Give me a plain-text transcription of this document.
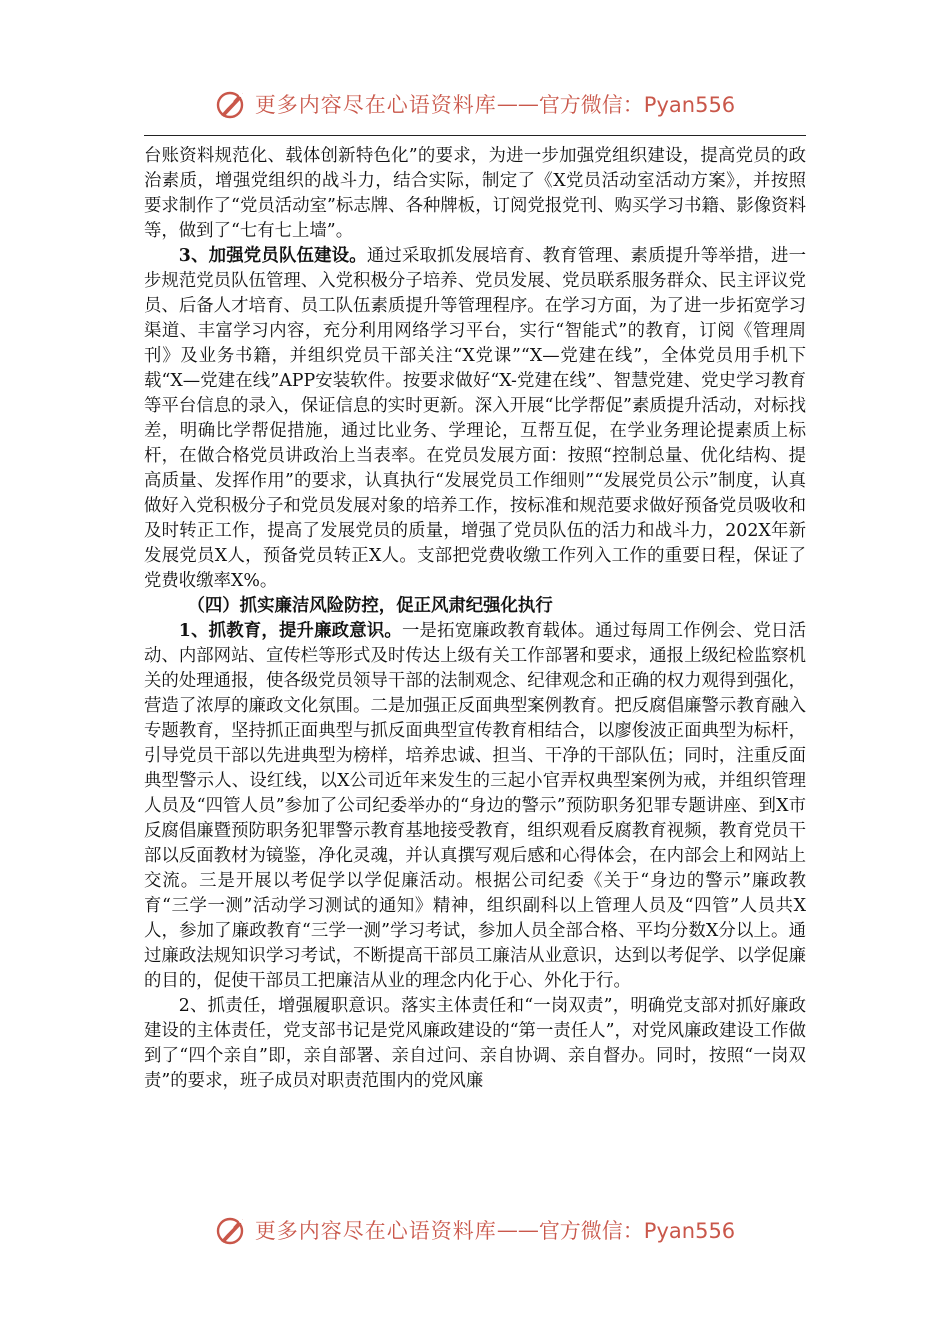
更多内容尽在心语资料库 —— 官方微信：Pyan556

台账资料规范化、载体创新特色化”的要求，为进一步加强党组织建设，提高党员的政治素质，增强党组织的战斗力，结合实际，制定了《X党员活动室活动方案》，并按照要求制作了“党员活动室”标志牌、各种牌板，订阅党报党刊、购买学习书籍、影像资料等，做到了“七有七上墙”。

3、加强党员队伍建设。通过采取抓发展培育、教育管理、素质提升等举措，进一步规范党员队伍管理、入党积极分子培养、党员发展、党员联系服务群众、民主评议党员、后备人才培育、员工队伍素质提升等管理程序。在学习方面，为了进一步拓宽学习渠道、丰富学习内容，充分利用网络学习平台，实行“智能式”的教育，订阅《管理周刊》及业务书籍，并组织党员干部关注“X党课”“X—党建在线”，全体党员用手机下载“X—党建在线”APP安装软件。按要求做好“X-党建在线”、智慧党建、党史学习教育等平台信息的录入，保证信息的实时更新。深入开展“比学帮促”素质提升活动，对标找差，明确比学帮促措施，通过比业务、学理论，互帮互促，在学业务理论提素质上标杆，在做合格党员讲政治上当表率。在党员发展方面：按照“控制总量、优化结构、提高质量、发挥作用”的要求，认真执行“发展党员工作细则”“发展党员公示”制度，认真做好入党积极分子和党员发展对象的培养工作，按标准和规范要求做好预备党员吸收和及时转正工作，提高了发展党员的质量，增强了党员队伍的活力和战斗力，202X年新发展党员X人，预备党员转正X人。支部把党费收缴工作列入工作的重要日程，保证了党费收缴率X%。

（四）抓实廉洁风险防控，促正风肃纪强化执行

1、抓教育，提升廉政意识。一是拓宽廉政教育载体。通过每周工作例会、党日活动、内部网站、宣传栏等形式及时传达上级有关工作部署和要求，通报上级纪检监察机关的处理通报，使各级党员领导干部的法制观念、纪律观念和正确的权力观得到强化，营造了浓厚的廉政文化氛围。二是加强正反面典型案例教育。把反腐倡廉警示教育融入专题教育，坚持抓正面典型与抓反面典型宣传教育相结合，以廖俊波正面典型为标杆，引导党员干部以先进典型为榜样，培养忠诚、担当、干净的干部队伍；同时，注重反面典型警示人、设红线，以X公司近年来发生的三起小官弄权典型案例为戒，并组织管理人员及“四管人员”参加了公司纪委举办的“身边的警示”预防职务犯罪专题讲座、到X市反腐倡廉暨预防职务犯罪警示教育基地接受教育，组织观看反腐教育视频，教育党员干部以反面教材为镜鉴，净化灵魂，并认真撰写观后感和心得体会，在内部会上和网站上交流。三是开展以考促学以学促廉活动。根据公司纪委《关于“身边的警示”廉政教育“三学一测”活动学习测试的通知》精神，组织副科以上管理人员及“四管”人员共X人，参加了廉政教育“三学一测”学习考试，参加人员全部合格、平均分数X分以上。通过廉政法规知识学习考试，不断提高干部员工廉洁从业意识，达到以考促学、以学促廉的目的，促使干部员工把廉洁从业的理念内化于心、外化于行。

2、抓责任，增强履职意识。落实主体责任和“一岗双责”，明确党支部对抓好廉政建设的主体责任，党支部书记是党风廉政建设的“第一责任人”，对党风廉政建设工作做到了“四个亲自”即，亲自部署、亲自过问、亲自协调、亲自督办。同时，按照“一岗双责”的要求，班子成员对职责范围内的党风廉

更多内容尽在心语资料库 —— 官方微信：Pyan556
